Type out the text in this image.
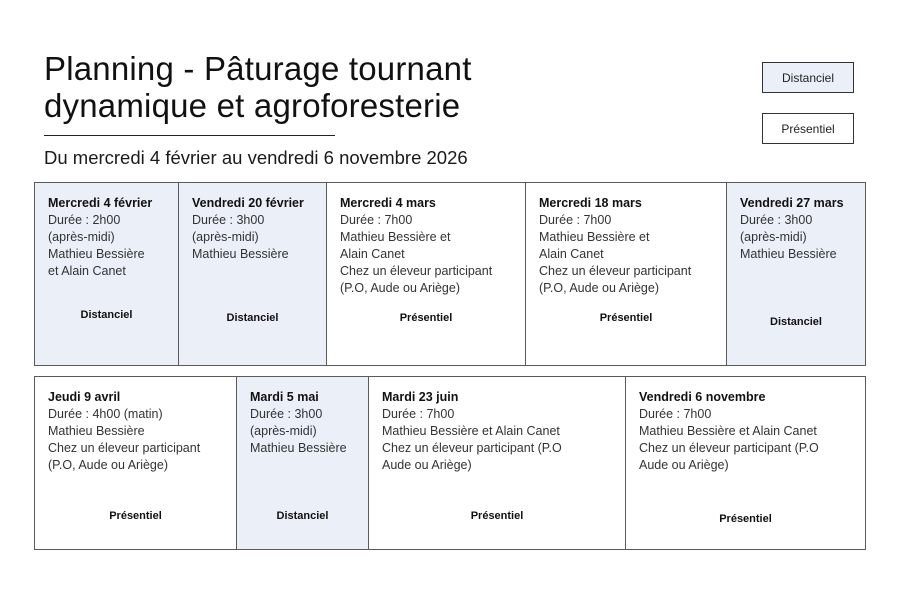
Planning - Pâturage tournant dynamique et agroforesterie
Du mercredi 4 février au vendredi 6 novembre 2026
Distanciel
Présentiel
Mercredi 4 février
Durée : 2h00
(après-midi)
Mathieu Bessière
et Alain Canet
Distanciel
Vendredi 20 février
Durée : 3h00
(après-midi)
Mathieu Bessière
Distanciel
Mercredi 4 mars
Durée : 7h00
Mathieu Bessière et
Alain Canet
Chez un éleveur participant
(P.O, Aude ou Ariège)
Présentiel
Mercredi 18 mars
Durée : 7h00
Mathieu Bessière et
Alain Canet
Chez un éleveur participant
(P.O, Aude ou Ariège)
Présentiel
Vendredi 27 mars
Durée : 3h00
(après-midi)
Mathieu Bessière
Distanciel
Jeudi 9 avril
Durée : 4h00 (matin)
Mathieu Bessière
Chez un éleveur participant
(P.O, Aude ou Ariège)
Présentiel
Mardi 5 mai
Durée : 3h00
(après-midi)
Mathieu Bessière
Distanciel
Mardi 23 juin
Durée : 7h00
Mathieu Bessière et Alain Canet
Chez un éleveur participant (P.O
Aude ou Ariège)
Présentiel
Vendredi 6 novembre
Durée : 7h00
Mathieu Bessière et Alain Canet
Chez un éleveur participant (P.O
Aude ou Ariège)
Présentiel
